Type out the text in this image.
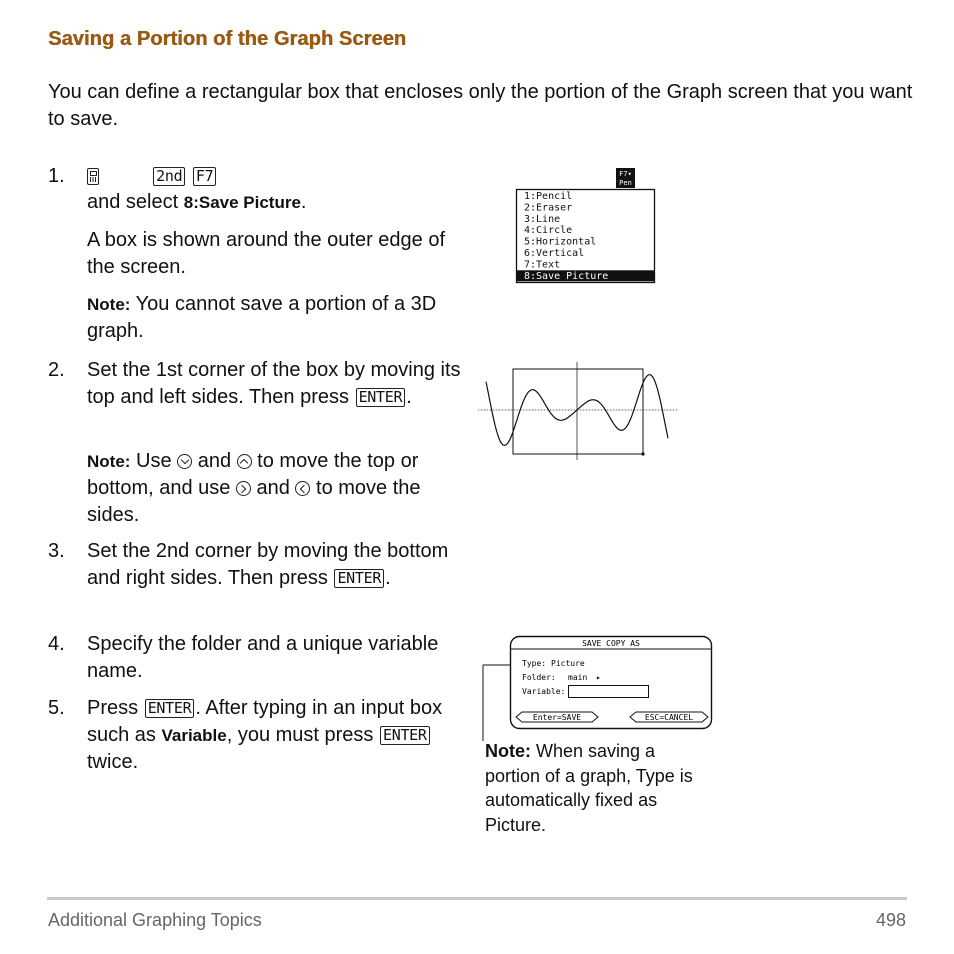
Saving a Portion of the Graph Screen
You can define a rectangular box that encloses only the portion of the Graph screen that you want to save.
1.	2nd F7
and select 8:Save Picture.
A box is shown around the outer edge of the screen.
Note: You cannot save a portion of a 3D graph.
2. Set the 1st corner of the box by moving its top and left sides. Then press ENTER .
Note: Use  and  to move the top or bottom, and use  and  to move the sides.
3. Set the 2nd corner by moving the bottom and right sides. Then press ENTER .
4. Specify the folder and a unique variable name.
5. Press ENTER . After typing in an input box such as Variable, you must press ENTER twice.
F7▾
Pen
1:Pencil
2:Eraser
3:Line
4:Circle
5:Horizontal
6:Vertical
7:Text
8:Save Picture
SAVE COPY AS
Type: Picture
Folder: main ▸
Variable:
Enter=SAVE	ESC=CANCEL
Note: When saving a portion of a graph, Type is automatically fixed as Picture.
Additional Graphing Topics	498
